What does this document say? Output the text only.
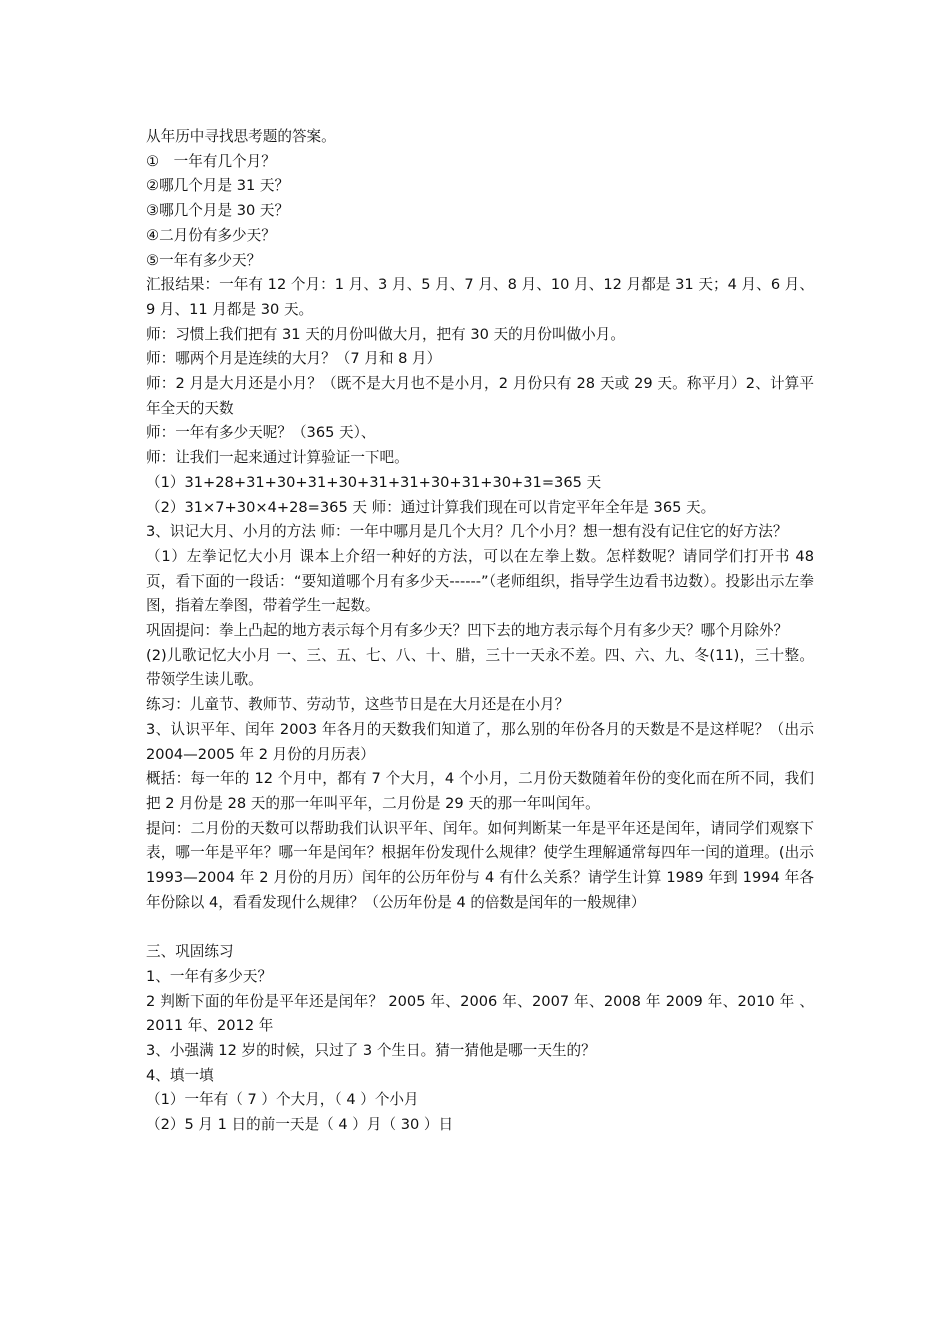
从年历中寻找思考题的答案。

①　一年有几个月？

②哪几个月是 31 天？

③哪几个月是 30 天？

④二月份有多少天？

⑤一年有多少天？

汇报结果：一年有 12 个月：1 月、3 月、5 月、7 月、8 月、10 月、12 月都是 31 天；4 月、6 月、9 月、11 月都是 30 天。

师：习惯上我们把有 31 天的月份叫做大月，把有 30 天的月份叫做小月。

师：哪两个月是连续的大月？（7 月和 8 月）

师：2 月是大月还是小月？（既不是大月也不是小月，2 月份只有 28 天或 29 天。称平月）2、计算平年全天的天数

师：一年有多少天呢？（365 天）、

师：让我们一起来通过计算验证一下吧。

（1）31+28+31+30+31+30+31+31+30+31+30+31=365 天

（2）31×7+30×4+28=365 天 师：通过计算我们现在可以肯定平年全年是 365 天。

3、识记大月、小月的方法 师：一年中哪月是几个大月？几个小月？想一想有没有记住它的好方法？

（1）左拳记忆大小月 课本上介绍一种好的方法，可以在左拳上数。怎样数呢？请同学们打开书 48 页，看下面的一段话：“要知道哪个月有多少天------”（老师组织，指导学生边看书边数）。投影出示左拳图，指着左拳图，带着学生一起数。

巩固提问：拳上凸起的地方表示每个月有多少天？凹下去的地方表示每个月有多少天？哪个月除外？

(2)儿歌记忆大小月 一、三、五、七、八、十、腊，三十一天永不差。四、六、九、冬(11)，三十整。带领学生读儿歌。

练习：儿童节、教师节、劳动节，这些节日是在大月还是在小月？

3、认识平年、闰年 2003 年各月的天数我们知道了，那么别的年份各月的天数是不是这样呢？（出示 2004—2005 年 2 月份的月历表）

概括：每一年的 12 个月中，都有 7 个大月，4 个小月，二月份天数随着年份的变化而在所不同，我们把 2 月份是 28 天的那一年叫平年，二月份是 29 天的那一年叫闰年。

提问：二月份的天数可以帮助我们认识平年、闰年。如何判断某一年是平年还是闰年，请同学们观察下表，哪一年是平年？哪一年是闰年？根据年份发现什么规律？使学生理解通常每四年一闰的道理。(出示 1993—2004 年 2 月份的月历）闰年的公历年份与 4 有什么关系？请学生计算 1989 年到 1994 年各年份除以 4，看看发现什么规律？（公历年份是 4 的倍数是闰年的一般规律）

三、巩固练习

1、一年有多少天？

2 判断下面的年份是平年还是闰年？ 2005 年、2006 年、2007 年、2008 年 2009 年、2010 年 、2011 年、2012 年

3、小强满 12 岁的时候，只过了 3 个生日。猜一猜他是哪一天生的？

4、填一填

（1）一年有（ 7 ）个大月，（ 4 ）个小月

（2）5 月 1 日的前一天是（ 4 ）月（ 30 ）日
